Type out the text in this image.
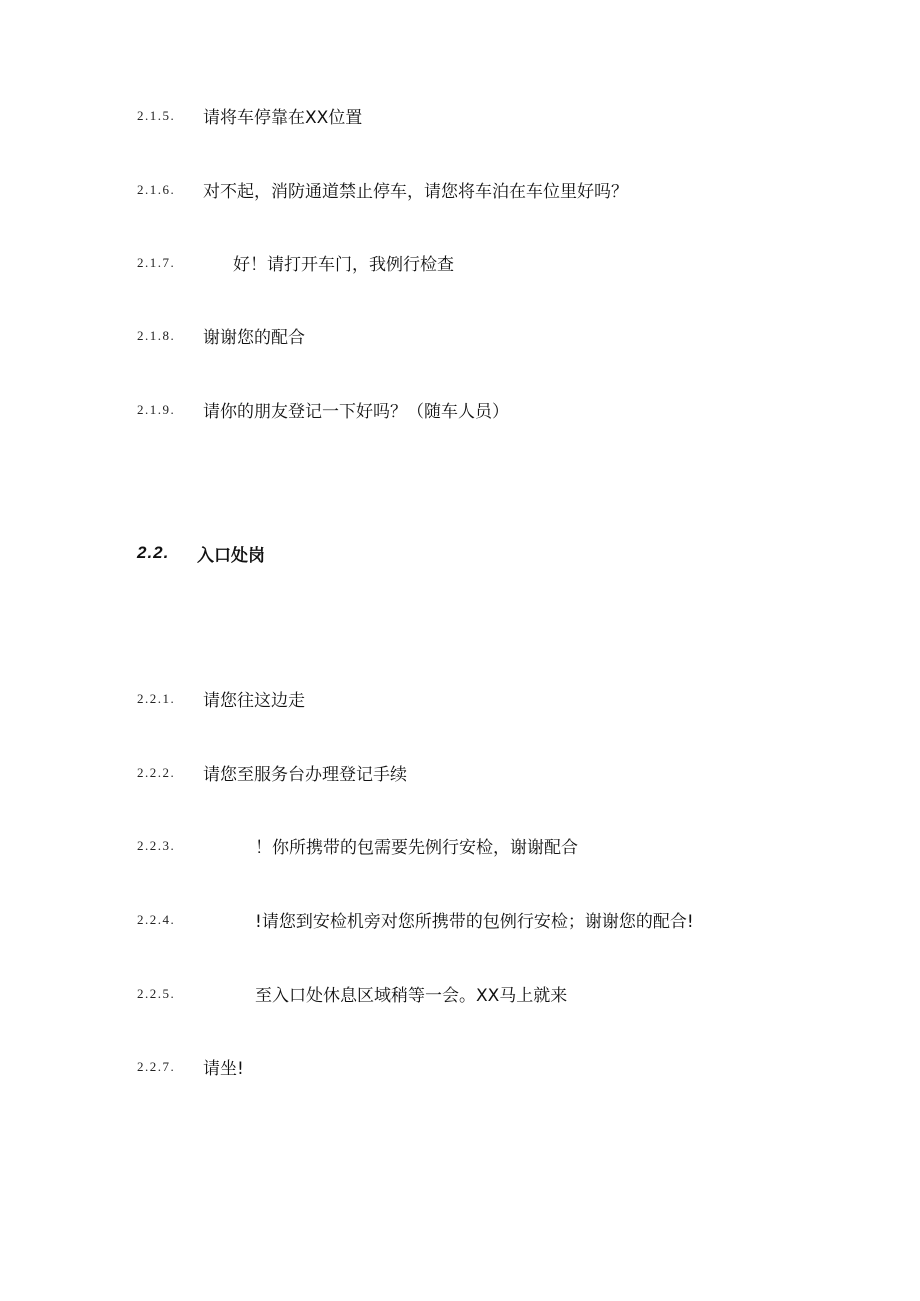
2.1.5. 请将车停靠在XX位置
2.1.6. 对不起，消防通道禁止停车，请您将车泊在车位里好吗？
2.1.7.	好！请打开车门，我例行检查
2.1.8. 谢谢您的配合
2.1.9. 请你的朋友登记一下好吗？（随车人员）
2.2. 入口处岗
2.2.1. 请您往这边走
2.2.2. 请您至服务台办理登记手续
2.2.3.	！你所携带的包需要先例行安检，谢谢配合
2.2.4.	!请您到安检机旁对您所携带的包例行安检；谢谢您的配合!
2.2.5.	至入口处休息区域稍等一会。XX马上就来
2.2.7. 请坐!
